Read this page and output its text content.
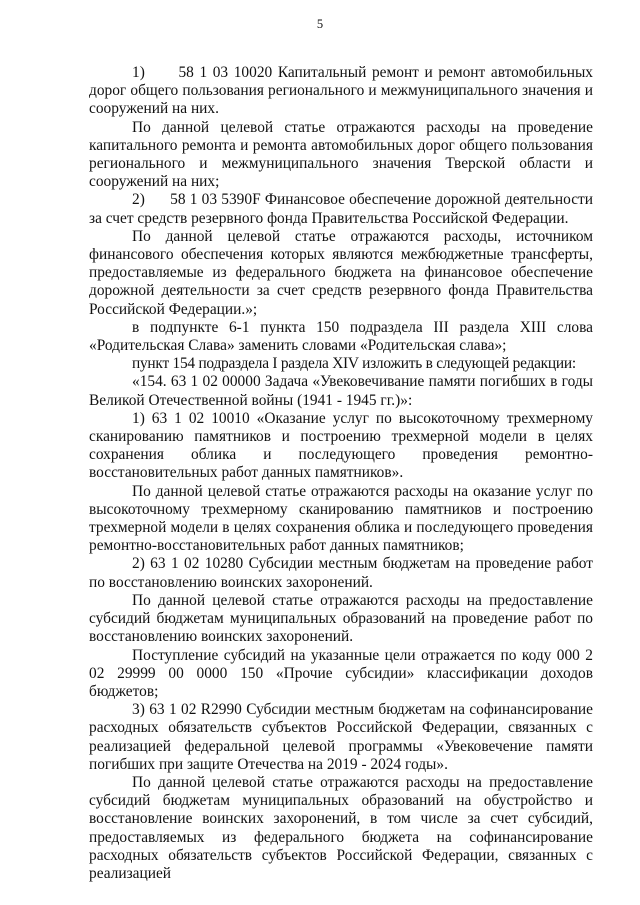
5

1)      58 1 03 10020 Капитальный ремонт и ремонт автомобильных дорог общего пользования регионального и межмуниципального значения и сооружений на них.

По данной целевой статье отражаются расходы на проведение капитального ремонта и ремонта автомобильных дорог общего пользования регионального и межмуниципального значения Тверской области и сооружений на них;

2)      58 1 03 5390F Финансовое обеспечение дорожной деятельности за счет средств резервного фонда Правительства Российской Федерации.

По данной целевой статье отражаются расходы, источником финансового обеспечения которых являются межбюджетные трансферты, предоставляемые из федерального бюджета на финансовое обеспечение дорожной деятельности за счет средств резервного фонда Правительства Российской Федерации.»;

в подпункте 6-1 пункта 150 подраздела III раздела XIII слова «Родительская Слава» заменить словами «Родительская слава»;

пункт 154 подраздела I раздела XIV изложить в следующей редакции:

«154. 63 1 02 00000 Задача «Увековечивание памяти погибших в годы Великой Отечественной войны (1941 - 1945 гг.)»:

1) 63 1 02 10010 «Оказание услуг по высокоточному трехмерному сканированию памятников и построению трехмерной модели в целях сохранения облика и последующего проведения ремонтно-восстановительных работ данных памятников».

По данной целевой статье отражаются расходы на оказание услуг по высокоточному трехмерному сканированию памятников и построению трехмерной модели в целях сохранения облика и последующего проведения ремонтно-восстановительных работ данных памятников;

2) 63 1 02 10280 Субсидии местным бюджетам на проведение работ по восстановлению воинских захоронений.

По данной целевой статье отражаются расходы на предоставление субсидий бюджетам муниципальных образований на проведение работ по восстановлению воинских захоронений.

Поступление субсидий на указанные цели отражается по коду 000 2 02 29999 00 0000 150 «Прочие субсидии» классификации доходов бюджетов;

3) 63 1 02 R2990 Субсидии местным бюджетам на софинансирование расходных обязательств субъектов Российской Федерации, связанных с реализацией федеральной целевой программы «Увековечение памяти погибших при защите Отечества на 2019 - 2024 годы».

По данной целевой статье отражаются расходы на предоставление субсидий бюджетам муниципальных образований на обустройство и восстановление воинских захоронений, в том числе за счет субсидий, предоставляемых из федерального бюджета на софинансирование расходных обязательств субъектов Российской Федерации, связанных с реализацией
